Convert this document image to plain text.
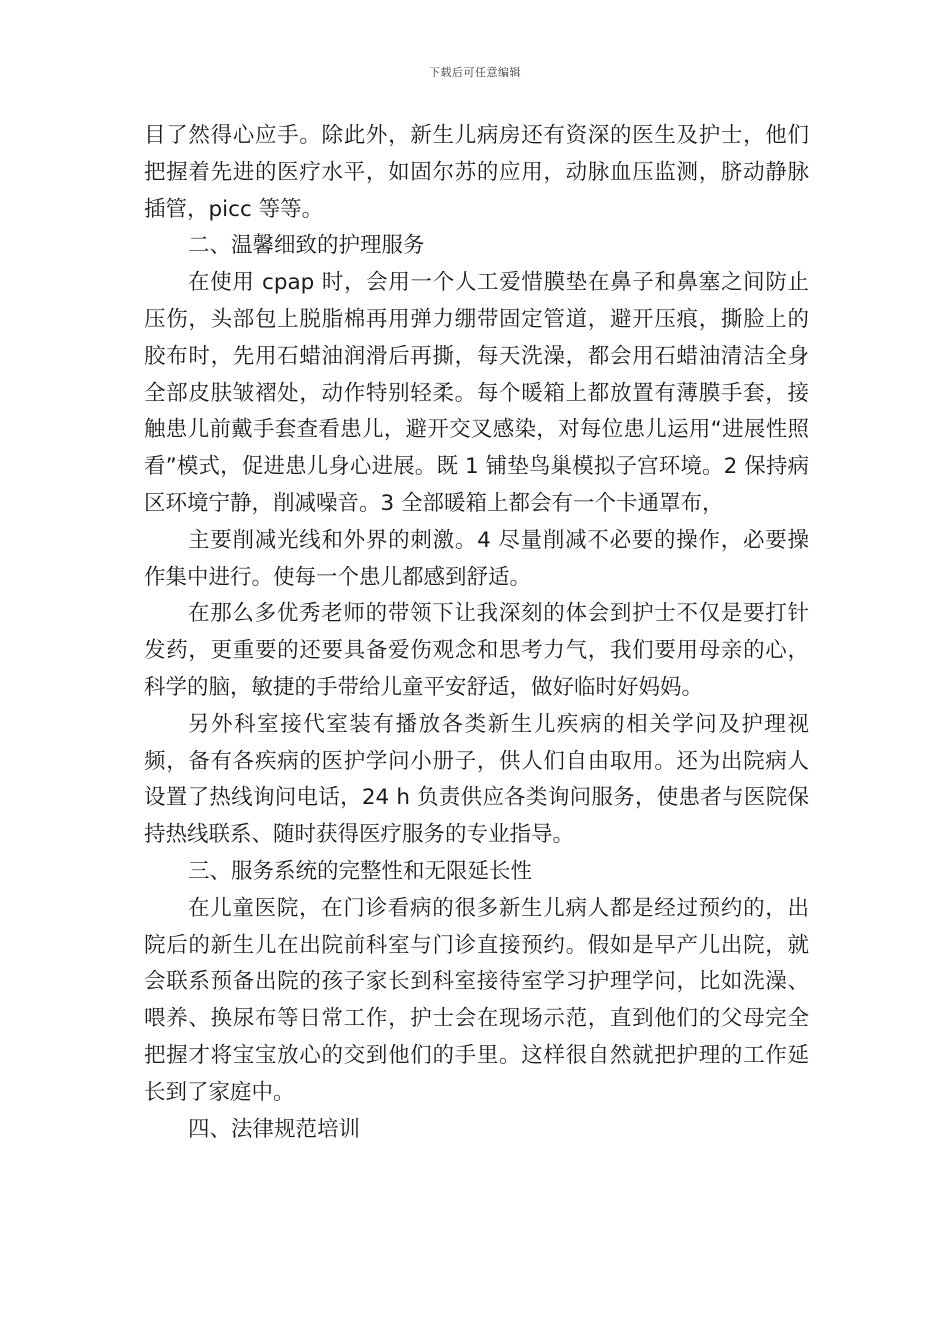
下载后可任意编辑

目了然得心应手。除此外，新生儿病房还有资深的医生及护士，他们把握着先进的医疗水平，如固尔苏的应用，动脉血压监测，脐动静脉插管，picc 等等。

二、温馨细致的护理服务

在使用 cpap 时，会用一个人工爱惜膜垫在鼻子和鼻塞之间防止压伤，头部包上脱脂棉再用弹力绷带固定管道，避开压痕，撕脸上的胶布时，先用石蜡油润滑后再撕，每天洗澡，都会用石蜡油清洁全身全部皮肤皱褶处，动作特别轻柔。每个暖箱上都放置有薄膜手套，接触患儿前戴手套查看患儿，避开交叉感染，对每位患儿运用“进展性照看”模式，促进患儿身心进展。既 1 铺垫鸟巢模拟子宫环境。2 保持病区环境宁静，削减噪音。3 全部暖箱上都会有一个卡通罩布，

主要削减光线和外界的刺激。4 尽量削减不必要的操作，必要操作集中进行。使每一个患儿都感到舒适。

在那么多优秀老师的带领下让我深刻的体会到护士不仅是要打针发药，更重要的还要具备爱伤观念和思考力气，我们要用母亲的心，科学的脑，敏捷的手带给儿童平安舒适，做好临时好妈妈。

另外科室接代室装有播放各类新生儿疾病的相关学问及护理视频，备有各疾病的医护学问小册子，供人们自由取用。还为出院病人设置了热线询问电话，24 h 负责供应各类询问服务，使患者与医院保持热线联系、随时获得医疗服务的专业指导。

三、服务系统的完整性和无限延长性

在儿童医院，在门诊看病的很多新生儿病人都是经过预约的，出院后的新生儿在出院前科室与门诊直接预约。假如是早产儿出院，就会联系预备出院的孩子家长到科室接待室学习护理学问，比如洗澡、喂养、换尿布等日常工作，护士会在现场示范，直到他们的父母完全把握才将宝宝放心的交到他们的手里。这样很自然就把护理的工作延长到了家庭中。

四、法律规范培训
